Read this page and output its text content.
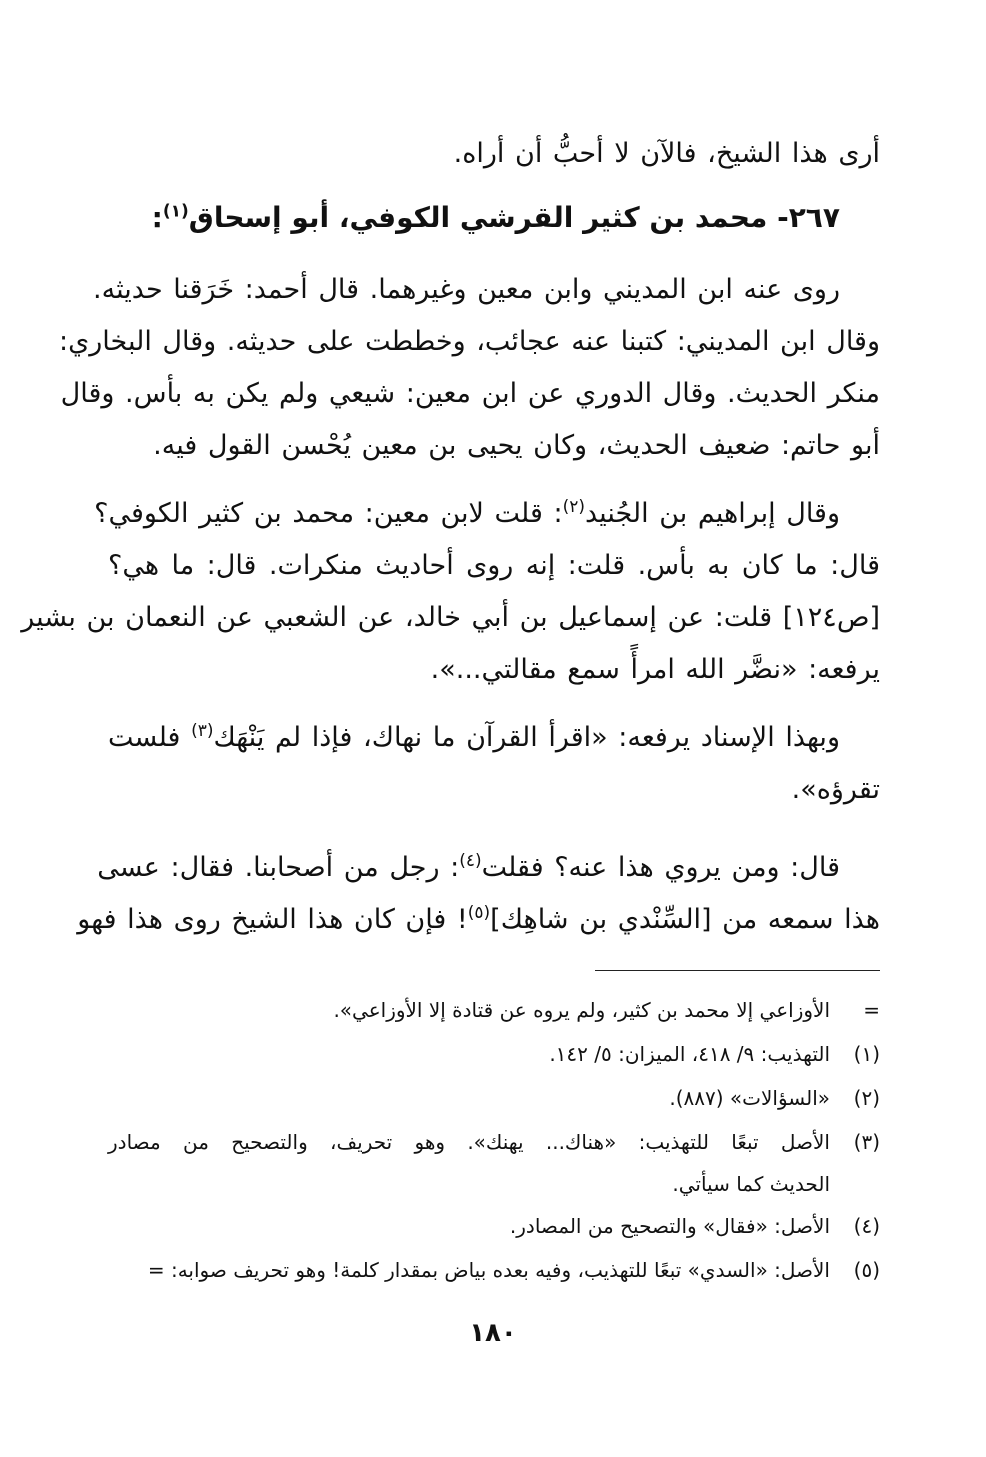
أرى هذا الشيخ، فالآن لا أحبُّ أن أراه.

٢٦٧- محمد بن كثير القرشي الكوفي، أبو إسحاق$^{(١)}$:

روى عنه ابن المديني وابن معين وغيرهما. قال أحمد: خَرَقنا حديثه.
وقال ابن المديني: كتبنا عنه عجائب، وخططت على حديثه. وقال البخاري:
منكر الحديث. وقال الدوري عن ابن معين: شيعي ولم يكن به بأس. وقال
أبو حاتم: ضعيف الحديث، وكان يحيى بن معين يُحْسن القول فيه.

وقال إبراهيم بن الجُنيد$^{(٢)}$: قلت لابن معين: محمد بن كثير الكوفي؟
قال: ما كان به بأس. قلت: إنه روى أحاديث منكرات. قال: ما هي؟
[ص١٢٤] قلت: عن إسماعيل بن أبي خالد، عن الشعبي عن النعمان بن بشير
يرفعه: «نضَّر الله امرأً سمع مقالتي...».

وبهذا الإسناد يرفعه: «اقرأ القرآن ما نهاك، فإذا لم يَنْهَك$^{(٣)}$ فلست
تقرؤه».

قال: ومن يروي هذا عنه؟ فقلت$^{(٤)}$: رجل من أصحابنا. فقال: عسى
هذا سمعه من [السِّنْدي بن شاهِك]$^{(٥)}$! فإن كان هذا الشيخ روى هذا فهو

=
الأوزاعي إلا محمد بن كثير، ولم يروه عن قتادة إلا الأوزاعي».
(١)
التهذيب: ٩/ ٤١٨، الميزان: ٥/ ١٤٢.
(٢)
«السؤالات» (٨٨٧).
(٣)
الأصل تبعًا للتهذيب: «هناك... يهنك». وهو تحريف، والتصحيح من مصادر
الحديث كما سيأتي.
(٤)
الأصل: «فقال» والتصحيح من المصادر.
(٥)
الأصل: «السدي» تبعًا للتهذيب، وفيه بعده بياض بمقدار كلمة! وهو تحريف صوابه: =
١٨٠
